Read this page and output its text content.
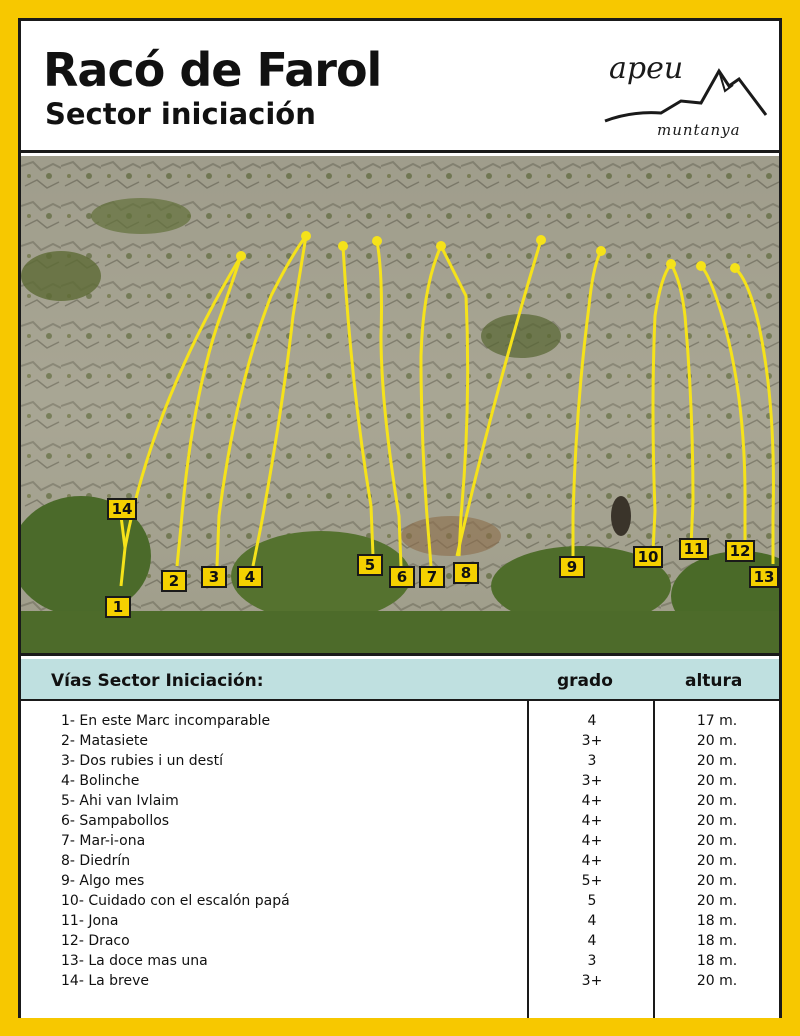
Racó de Farol
Sector iniciación
apeu
muntanya
1
2	3	4
5
6	7	8	9
10	11	12
13
14
Vías Sector Iniciación:	grado	altura
1- En este Marc incomparable	4	17 m.
2- Matasiete	3+	20 m.
3- Dos rubies i un destí	3	20 m.
4- Bolinche	3+	20 m.
5- Ahi van Ivlaim	4+	20 m.
6- Sampabollos	4+	20 m.
7- Mar-i-ona	4+	20 m.
8- Diedrín	4+	20 m.
9- Algo mes	5+	20 m.
10- Cuidado con el escalón papá	5	20 m.
11- Jona	4	18 m.
12- Draco	4	18 m.
13- La doce mas una	3	18 m.
14- La breve	3+	20 m.
